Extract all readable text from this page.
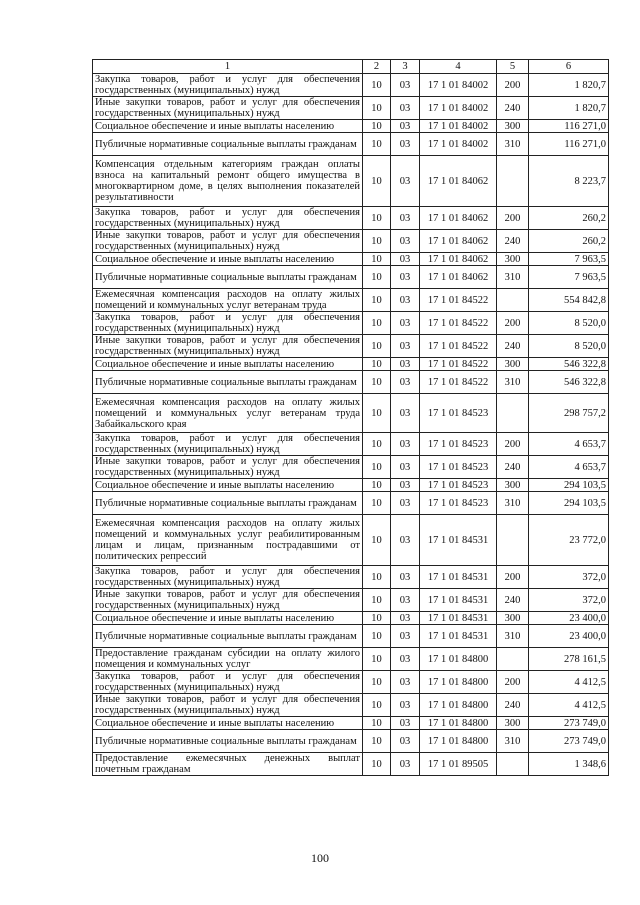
1	2	3	4	5	6
Закупка товаров, работ и услуг для обеспечения государственных (муниципальных) нужд	10	03	17 1 01 84002	200	1 820,7
Иные закупки товаров, работ и услуг для обеспечения государственных (муниципальных) нужд	10	03	17 1 01 84002	240	1 820,7
Социальное обеспечение и иные выплаты населению	10	03	17 1 01 84002	300	116 271,0
Публичные нормативные социальные выплаты гражданам	10	03	17 1 01 84002	310	116 271,0
Компенсация отдельным категориям граждан оплаты взноса на капитальный ремонт общего имущества в многоквартирном доме, в целях выполнения показателей результативности	10	03	17 1 01 84062		8 223,7
Закупка товаров, работ и услуг для обеспечения государственных (муниципальных) нужд	10	03	17 1 01 84062	200	260,2
Иные закупки товаров, работ и услуг для обеспечения государственных (муниципальных) нужд	10	03	17 1 01 84062	240	260,2
Социальное обеспечение и иные выплаты населению	10	03	17 1 01 84062	300	7 963,5
Публичные нормативные социальные выплаты гражданам	10	03	17 1 01 84062	310	7 963,5
Ежемесячная компенсация расходов на оплату жилых помещений и коммунальных услуг ветеранам труда	10	03	17 1 01 84522		554 842,8
Закупка товаров, работ и услуг для обеспечения государственных (муниципальных) нужд	10	03	17 1 01 84522	200	8 520,0
Иные закупки товаров, работ и услуг для обеспечения государственных (муниципальных) нужд	10	03	17 1 01 84522	240	8 520,0
Социальное обеспечение и иные выплаты населению	10	03	17 1 01 84522	300	546 322,8
Публичные нормативные социальные выплаты гражданам	10	03	17 1 01 84522	310	546 322,8
Ежемесячная компенсация расходов на оплату жилых помещений и коммунальных услуг ветеранам труда Забайкальского края	10	03	17 1 01 84523		298 757,2
Закупка товаров, работ и услуг для обеспечения государственных (муниципальных) нужд	10	03	17 1 01 84523	200	4 653,7
Иные закупки товаров, работ и услуг для обеспечения государственных (муниципальных) нужд	10	03	17 1 01 84523	240	4 653,7
Социальное обеспечение и иные выплаты населению	10	03	17 1 01 84523	300	294 103,5
Публичные нормативные социальные выплаты гражданам	10	03	17 1 01 84523	310	294 103,5
Ежемесячная компенсация расходов на оплату жилых помещений и коммунальных услуг реабилитированным лицам и лицам, признанным пострадавшими от политических репрессий	10	03	17 1 01 84531		23 772,0
Закупка товаров, работ и услуг для обеспечения государственных (муниципальных) нужд	10	03	17 1 01 84531	200	372,0
Иные закупки товаров, работ и услуг для обеспечения государственных (муниципальных) нужд	10	03	17 1 01 84531	240	372,0
Социальное обеспечение и иные выплаты населению	10	03	17 1 01 84531	300	23 400,0
Публичные нормативные социальные выплаты гражданам	10	03	17 1 01 84531	310	23 400,0
Предоставление гражданам субсидии на оплату жилого помещения и коммунальных услуг	10	03	17 1 01 84800		278 161,5
Закупка товаров, работ и услуг для обеспечения государственных (муниципальных) нужд	10	03	17 1 01 84800	200	4 412,5
Иные закупки товаров, работ и услуг для обеспечения государственных (муниципальных) нужд	10	03	17 1 01 84800	240	4 412,5
Социальное обеспечение и иные выплаты населению	10	03	17 1 01 84800	300	273 749,0
Публичные нормативные социальные выплаты гражданам	10	03	17 1 01 84800	310	273 749,0
Предоставление ежемесячных денежных выплат почетным гражданам	10	03	17 1 01 89505		1 348,6
100
